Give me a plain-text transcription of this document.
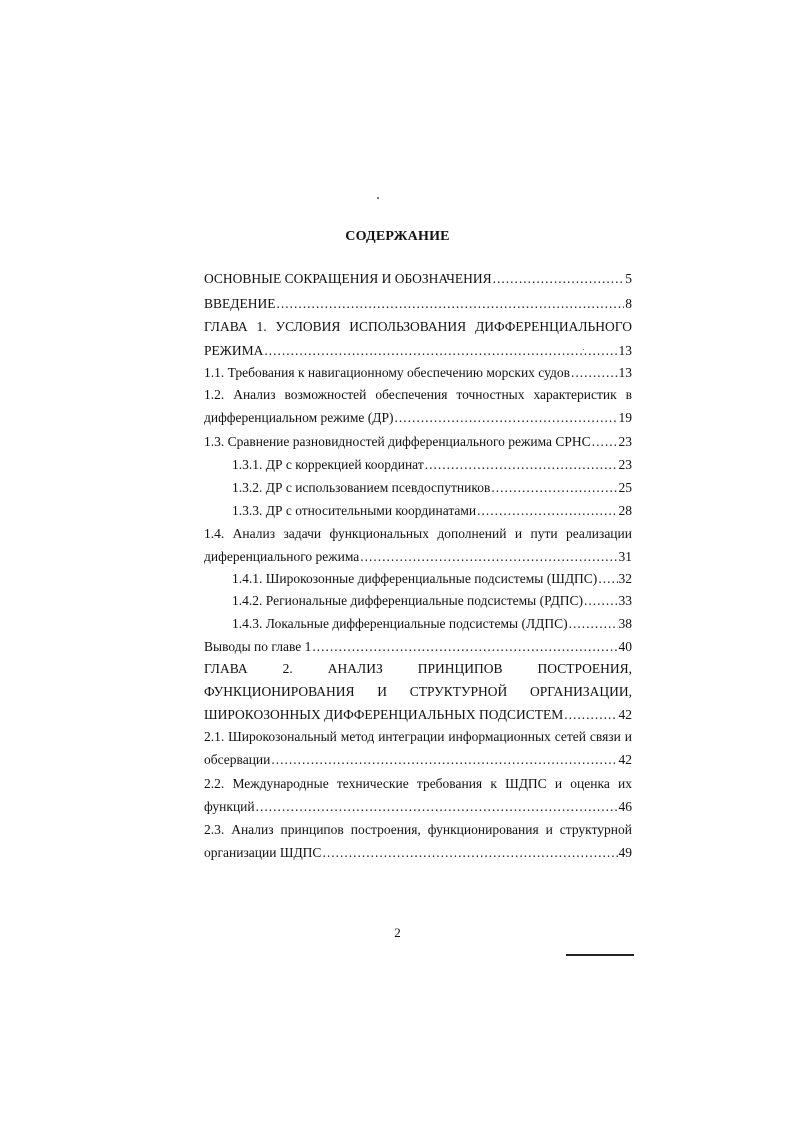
СОДЕРЖАНИЕ
ОСНОВНЫЕ СОКРАЩЕНИЯ И ОБОЗНАЧЕНИЯ .....	5
ВВЕДЕНИЕ .....	8
ГЛАВА 1. УСЛОВИЯ ИСПОЛЬЗОВАНИЯ ДИФФЕРЕНЦИАЛЬНОГО
РЕЖИМА .....	13
1.1. Требования к навигационному обеспечению морских судов .....	13
1.2. Анализ возможностей обеспечения точностных характеристик в
дифференциальном режиме (ДР) .....	19
1.3. Сравнение разновидностей дифференциального режима СРНС ..... 23
1.3.1. ДР с коррекцией координат .....	23
1.3.2. ДР с использованием псевдоспутников .....	25
1.3.3. ДР с относительными координатами .....	28
1.4. Анализ задачи функциональных дополнений и пути реализации
диференциального режима .....	31
1.4.1. Широкозонные дифференциальные подсистемы (ШДПС) ..... 32
1.4.2. Региональные дифференциальные подсистемы (РДПС) .....	33
1.4.3. Локальные дифференциальные подсистемы (ЛДПС) .....	38
Выводы по главе 1 .....	40
ГЛАВА 2. АНАЛИЗ ПРИНЦИПОВ ПОСТРОЕНИЯ,
ФУНКЦИОНИРОВАНИЯ И СТРУКТУРНОЙ ОРГАНИЗАЦИИ,
ШИРОКОЗОННЫХ ДИФФЕРЕНЦИАЛЬНЫХ ПОДСИСТЕМ .....	42
2.1. Широкозональный метод интеграции информационных сетей связи и
обсервации .....	42
2.2. Международные технические требования к ШДПС и оценка их
функций .....	46
2.3. Анализ принципов построения, функционирования и структурной
организации ШДПС .....	49
2
